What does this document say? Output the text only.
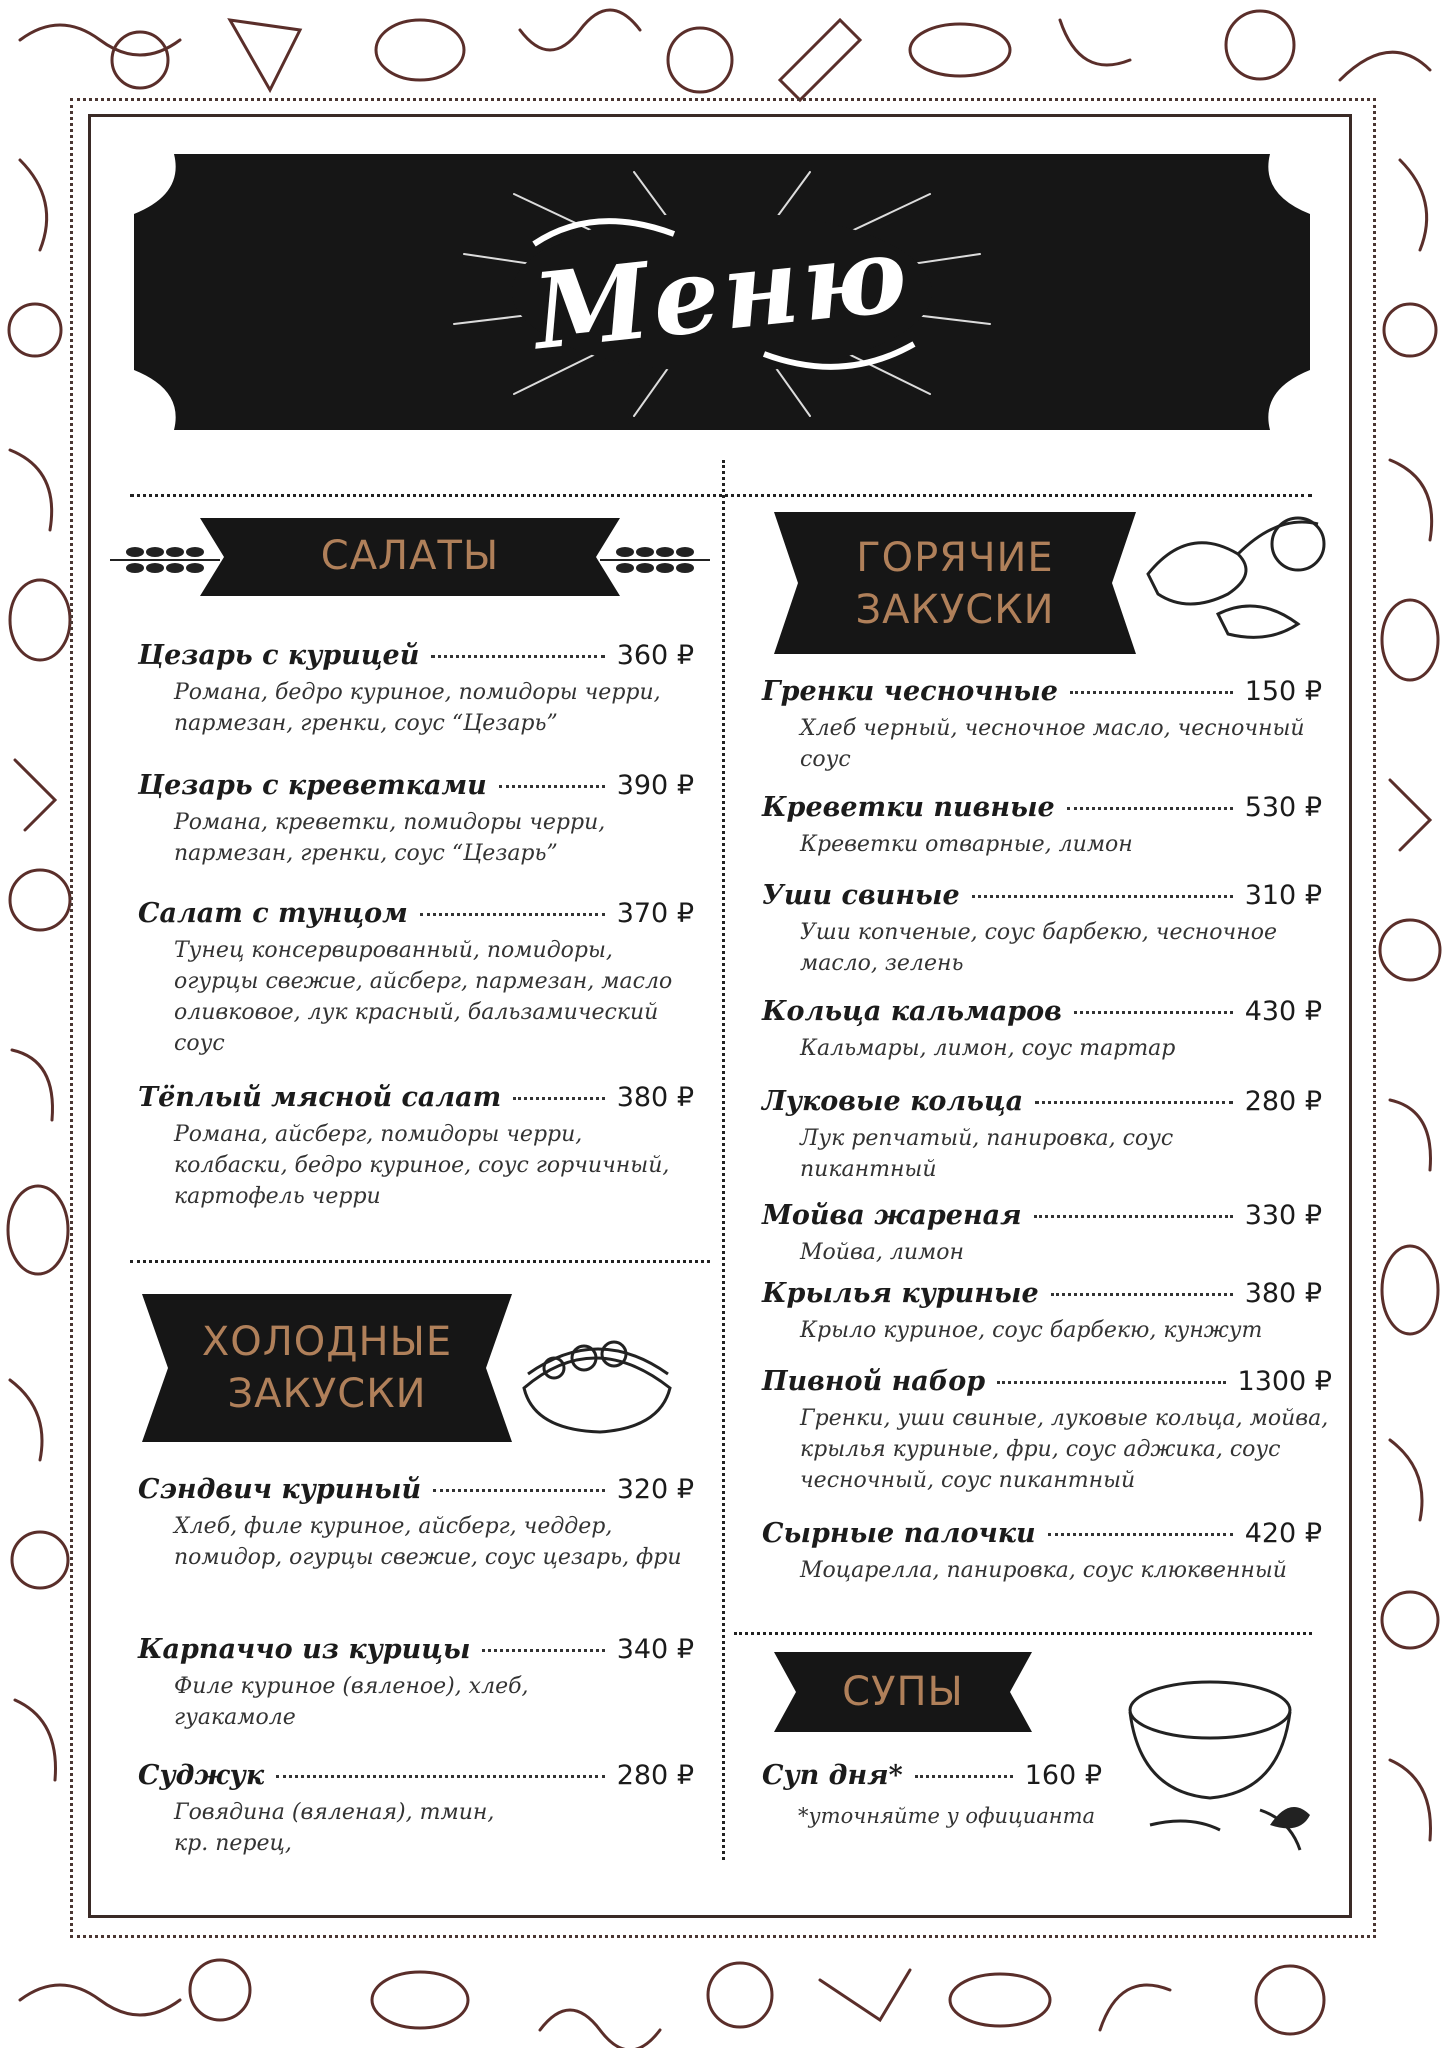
Меню
САЛАТЫ
Цезарь с курицей	360 ₽
Романа, бедро куриное, помидоры черри, пармезан, гренки, соус “Цезарь”
Цезарь с креветками	390 ₽
Романа, креветки, помидоры черри, пармезан, гренки, соус “Цезарь”
Салат с тунцом	370 ₽
Тунец консервированный, помидоры, огурцы свежие, айсберг, пармезан, масло оливковое, лук красный, бальзамический соус
Тёплый мясной салат	380 ₽
Романа, айсберг, помидоры черри, колбаски, бедро куриное, соус горчичный, картофель черри
ХОЛОДНЫЕ
ЗАКУСКИ
Сэндвич куриный	320 ₽
Хлеб, филе куриное, айсберг, чеддер, помидор, огурцы свежие, соус цезарь, фри
Карпаччо из курицы	340 ₽
Филе куриное (вяленое), хлеб, гуакамоле
Суджук	280 ₽
Говядина (вяленая), тмин, кр. перец,
ГОРЯЧИЕ
ЗАКУСКИ
Гренки чесночные	150 ₽
Хлеб черный, чесночное масло, чесночный соус
Креветки пивные	530 ₽
Креветки отварные, лимон
Уши свиные	310 ₽
Уши копченые, соус барбекю, чесночное масло, зелень
Кольца кальмаров	430 ₽
Кальмары, лимон, соус тартар
Луковые кольца	280 ₽
Лук репчатый, панировка, соус пикантный
Мойва жареная	330 ₽
Мойва, лимон
Крылья куриные	380 ₽
Крыло куриное, соус барбекю, кунжут
Пивной набор	1300 ₽
Гренки, уши свиные, луковые кольца, мойва, крылья куриные, фри, соус аджика, соус чесночный, соус пикантный
Сырные палочки	420 ₽
Моцарелла, панировка, соус клюквенный
СУПЫ
Суп дня*	160 ₽
*уточняйте у официанта
